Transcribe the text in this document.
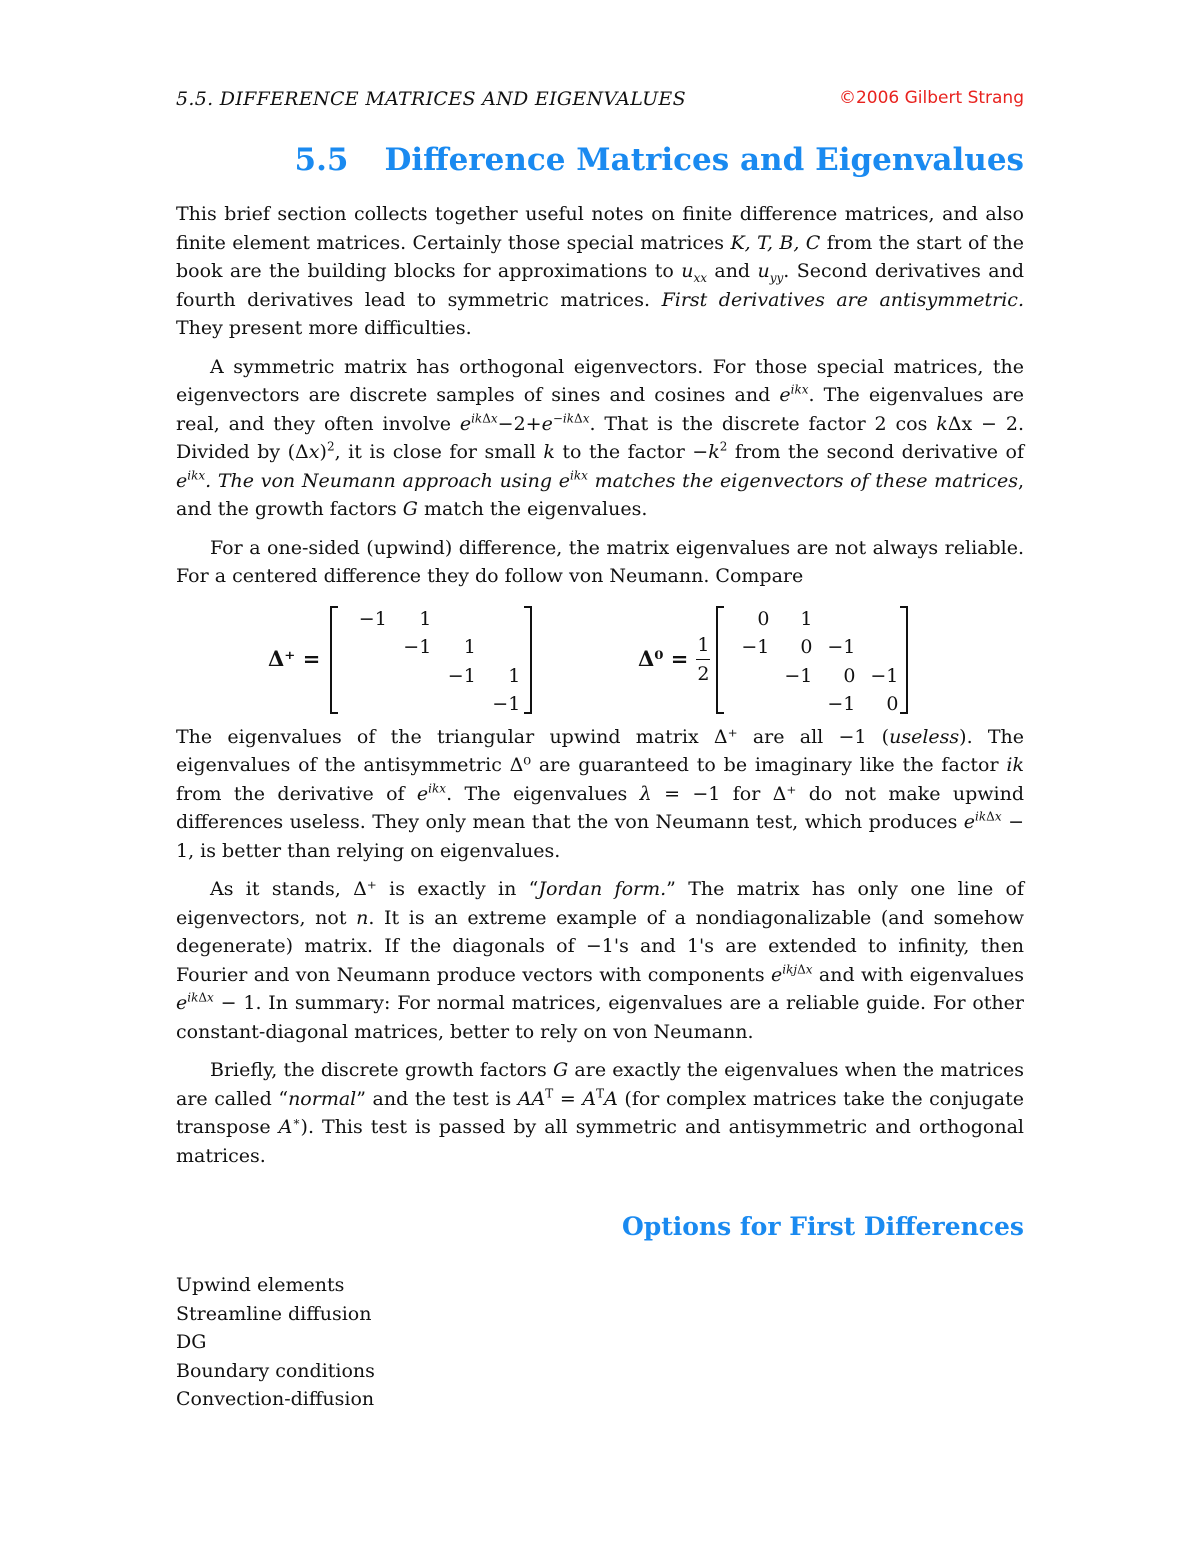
5.5. DIFFERENCE MATRICES AND EIGENVALUES	©2006 Gilbert Strang
5.5 Difference Matrices and Eigenvalues

This brief section collects together useful notes on finite difference matrices, and also finite element matrices. Certainly those special matrices K, T, B, C from the start of the book are the building blocks for approximations to $u_{xx}$ and $u_{yy}$. Second derivatives and fourth derivatives lead to symmetric matrices. First derivatives are antisymmetric. They present more difficulties.

A symmetric matrix has orthogonal eigenvectors. For those special matrices, the eigenvectors are discrete samples of sines and cosines and $e^{ikx}$. The eigenvalues are real, and they often involve $e^{ik\Delta x}-2+e^{-ik\Delta x}$. That is the discrete factor 2 cos kΔx − 2. Divided by $(\Delta x)^2$, it is close for small k to the factor $-k^2$ from the second derivative of $e^{ikx}$. The von Neumann approach using $e^{ikx}$ matches the eigenvectors of these matrices, and the growth factors G match the eigenvalues.

For a one-sided (upwind) difference, the matrix eigenvalues are not always reliable. For a centered difference they do follow von Neumann. Compare

Δ⁺ =
−1	1		
	−1	1	
		−1	1
			−1
$\Delta^0 = \frac{1}{2}$
0	1		
−1	0	−1	
	−1	0	−1
		−1	0

The eigenvalues of the triangular upwind matrix Δ⁺ are all −1 (useless). The eigenvalues of the antisymmetric Δ⁰ are guaranteed to be imaginary like the factor ik from the derivative of $e^{ikx}$. The eigenvalues λ = −1 for Δ⁺ do not make upwind differences useless. They only mean that the von Neumann test, which produces $e^{ik\Delta x} - 1$, is better than relying on eigenvalues.

As it stands, Δ⁺ is exactly in “Jordan form.” The matrix has only one line of eigenvectors, not n. It is an extreme example of a nondiagonalizable (and somehow degenerate) matrix. If the diagonals of −1's and 1's are extended to infinity, then Fourier and von Neumann produce vectors with components $e^{ikj\Delta x}$ and with eigenvalues $e^{ik\Delta x} - 1$. In summary: For normal matrices, eigenvalues are a reliable guide. For other constant-diagonal matrices, better to rely on von Neumann.

Briefly, the discrete growth factors G are exactly the eigenvalues when the matrices are called “normal” and the test is $AA^T = A^TA$ (for complex matrices take the conjugate transpose A∗). This test is passed by all symmetric and antisymmetric and orthogonal matrices.

Options for First Differences
Upwind elements
Streamline diffusion
DG
Boundary conditions
Convection-diffusion
